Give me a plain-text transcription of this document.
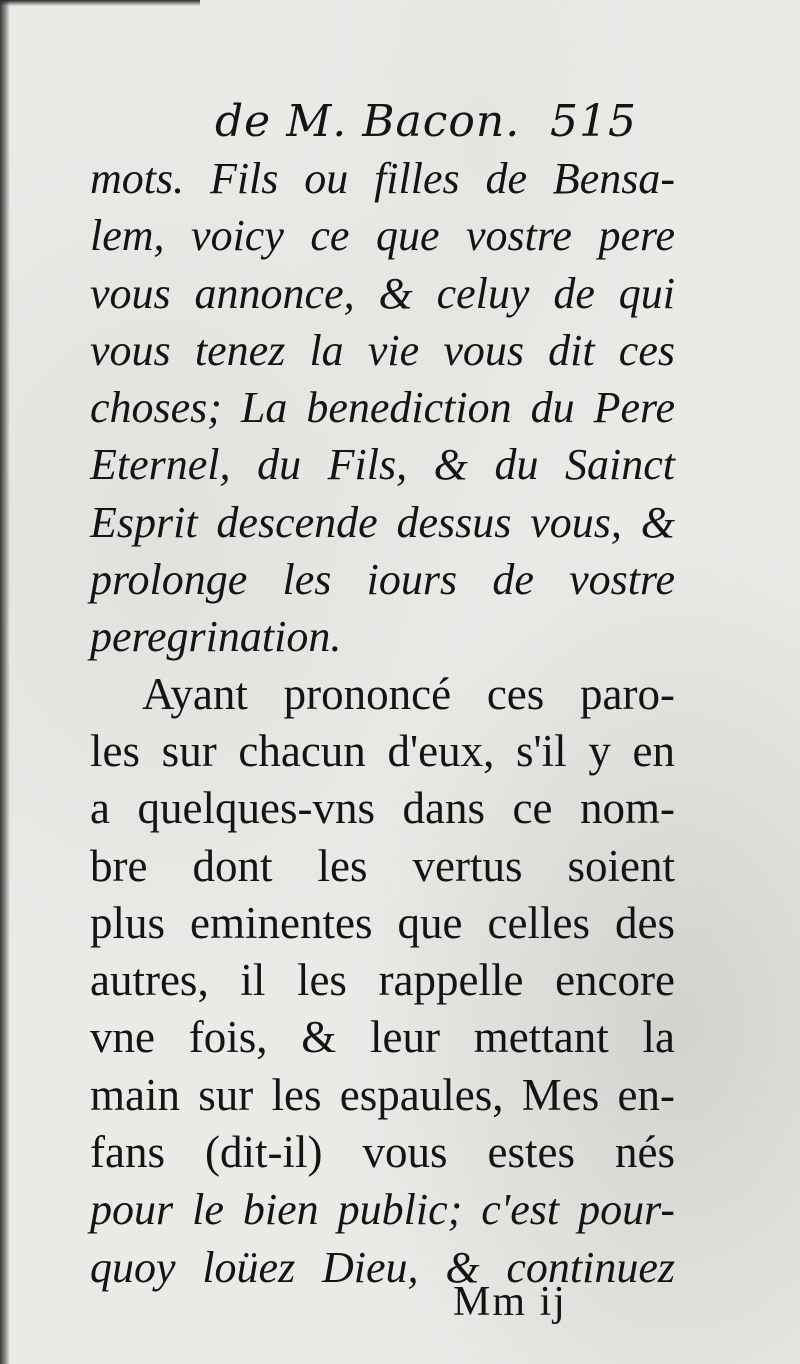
de M. Bacon. 515
mots. Fils ou filles de Bensa-
lem, voicy ce que vostre pere
vous annonce, & celuy de qui
vous tenez la vie vous dit ces
choses; La benediction du Pere
Eternel, du Fils, & du Sainct
Esprit descende dessus vous, &
prolonge les iours de vostre
peregrination.
Ayant prononcé ces paro-
les sur chacun d'eux, s'il y en
a quelques-vns dans ce nom-
bre dont les vertus soient
plus eminentes que celles des
autres, il les rappelle encore
vne fois, & leur mettant la
main sur les espaules, Mes en-
fans (dit-il) vous estes nés
pour le bien public; c'est pour-
quoy loüez Dieu, & continuez
Mm ij
